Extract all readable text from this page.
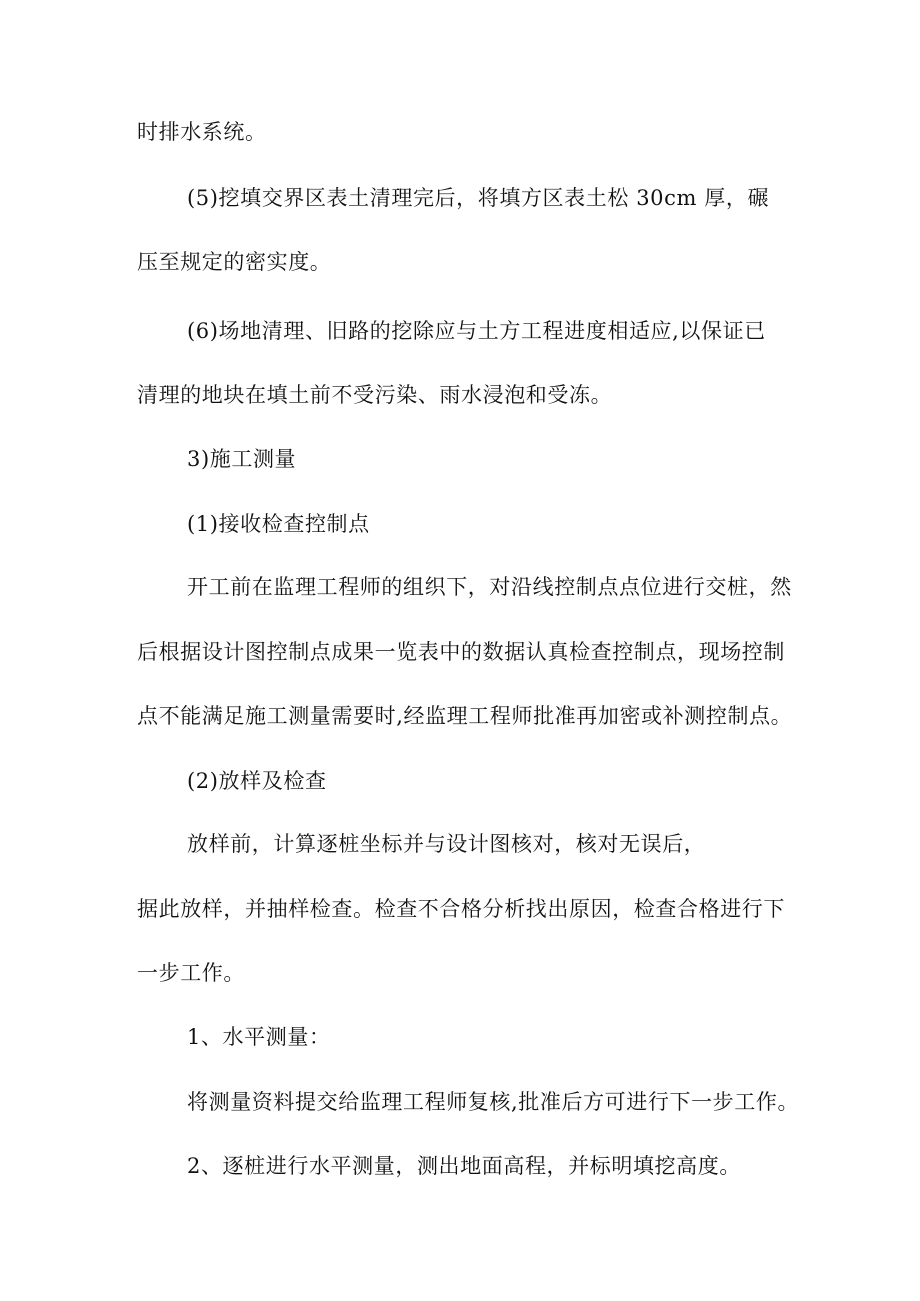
时排水系统。
(5)挖填交界区表土清理完后，将填方区表土松 30cm 厚，碾
压至规定的密实度。
(6)场地清理、旧路的挖除应与土方工程进度相适应,以保证已
清理的地块在填土前不受污染、雨水浸泡和受冻。
3)施工测量
(1)接收检查控制点
开工前在监理工程师的组织下，对沿线控制点点位进行交桩，然
后根据设计图控制点成果一览表中的数据认真检查控制点，现场控制
点不能满足施工测量需要时,经监理工程师批准再加密或补测控制点。
(2)放样及检查
放样前，计算逐桩坐标并与设计图核对，核对无误后，
据此放样，并抽样检查。检查不合格分析找出原因，检查合格进行下
一步工作。
1、水平测量：
将测量资料提交给监理工程师复核,批准后方可进行下一步工作。
2、逐桩进行水平测量，测出地面高程，并标明填挖高度。
